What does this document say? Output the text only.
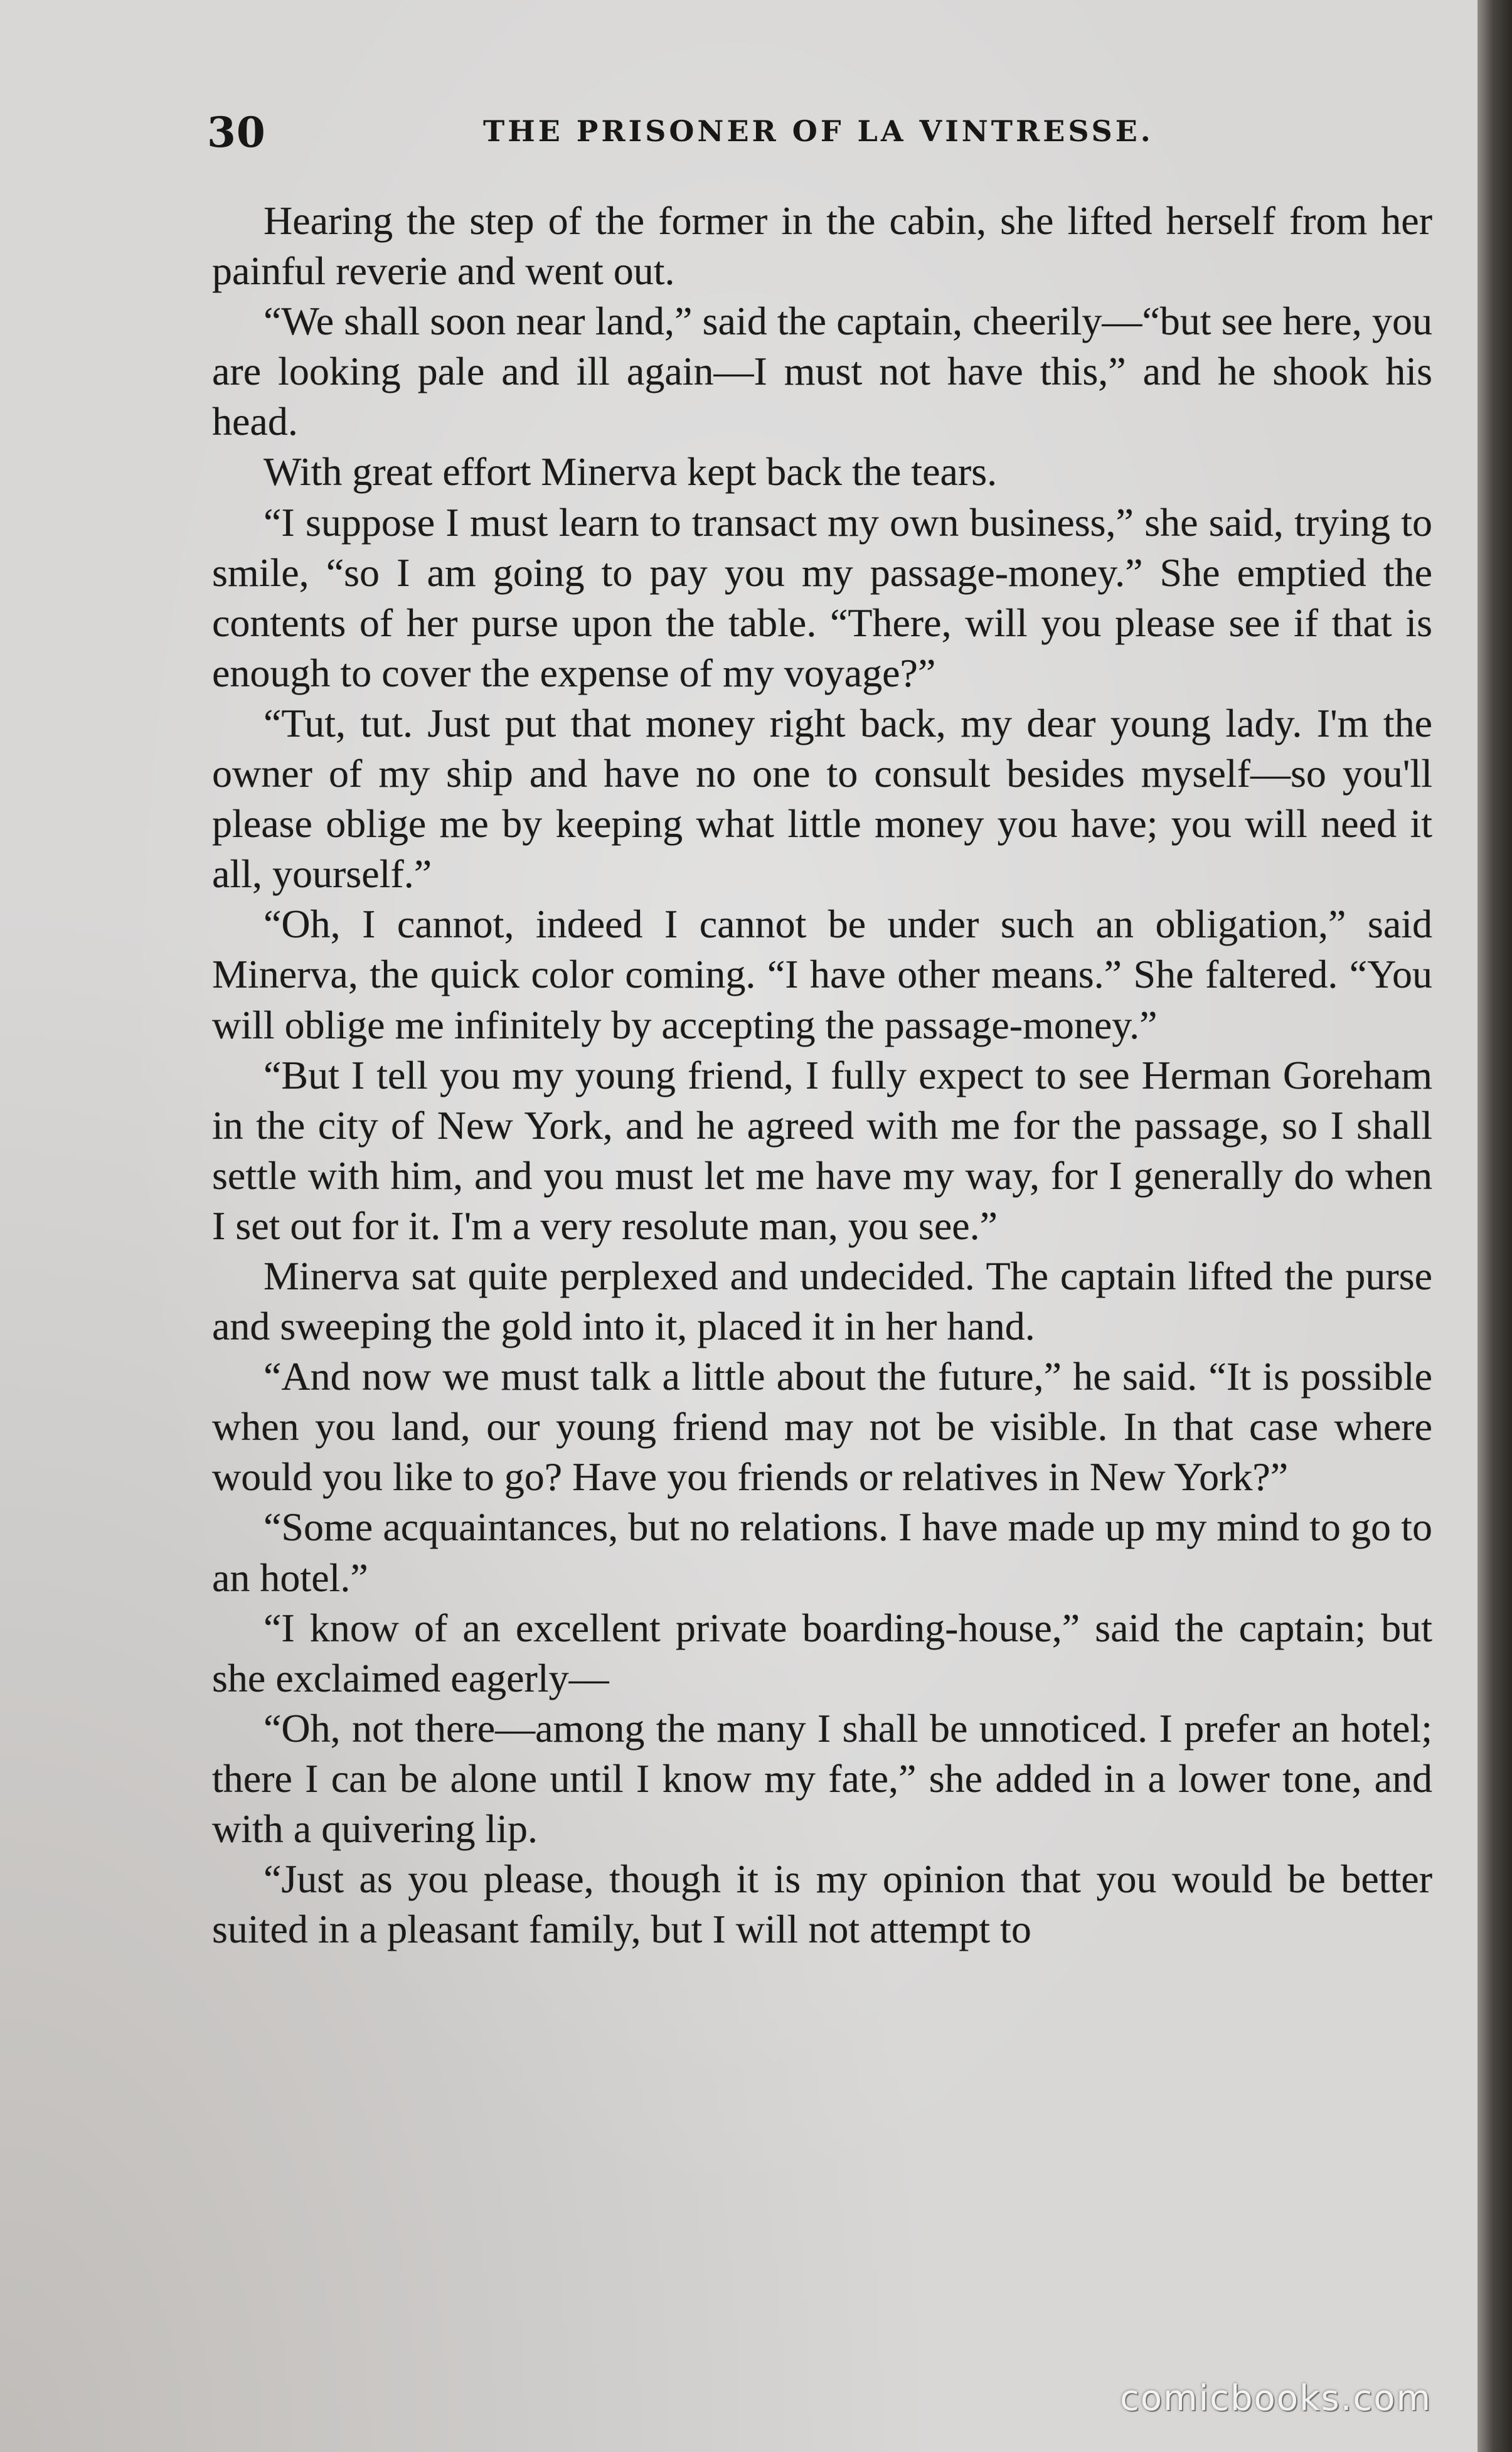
30	THE PRISONER OF LA VINTRESSE.

Hearing the step of the former in the cabin, she lifted herself from her painful reverie and went out.

“We shall soon near land,” said the captain, cheerily—“but see here, you are looking pale and ill again—I must not have this,” and he shook his head.

With great effort Minerva kept back the tears.

“I suppose I must learn to transact my own business,” she said, trying to smile, “so I am going to pay you my passage-money.” She emptied the contents of her purse upon the table. “There, will you please see if that is enough to cover the expense of my voyage?”

“Tut, tut. Just put that money right back, my dear young lady. I'm the owner of my ship and have no one to consult besides myself—so you'll please oblige me by keeping what little money you have; you will need it all, yourself.”

“Oh, I cannot, indeed I cannot be under such an obligation,” said Minerva, the quick color coming. “I have other means.” She faltered. “You will oblige me infinitely by accepting the passage-money.”

“But I tell you my young friend, I fully expect to see Herman Goreham in the city of New York, and he agreed with me for the passage, so I shall settle with him, and you must let me have my way, for I generally do when I set out for it. I'm a very resolute man, you see.”

Minerva sat quite perplexed and undecided. The captain lifted the purse and sweeping the gold into it, placed it in her hand.

“And now we must talk a little about the future,” he said. “It is possible when you land, our young friend may not be visible. In that case where would you like to go? Have you friends or relatives in New York?”

“Some acquaintances, but no relations. I have made up my mind to go to an hotel.”

“I know of an excellent private boarding-house,” said the captain; but she exclaimed eagerly—

“Oh, not there—among the many I shall be unnoticed. I prefer an hotel; there I can be alone until I know my fate,” she added in a lower tone, and with a quivering lip.

“Just as you please, though it is my opinion that you would be better suited in a pleasant family, but I will not attempt to

comicbooks.com
